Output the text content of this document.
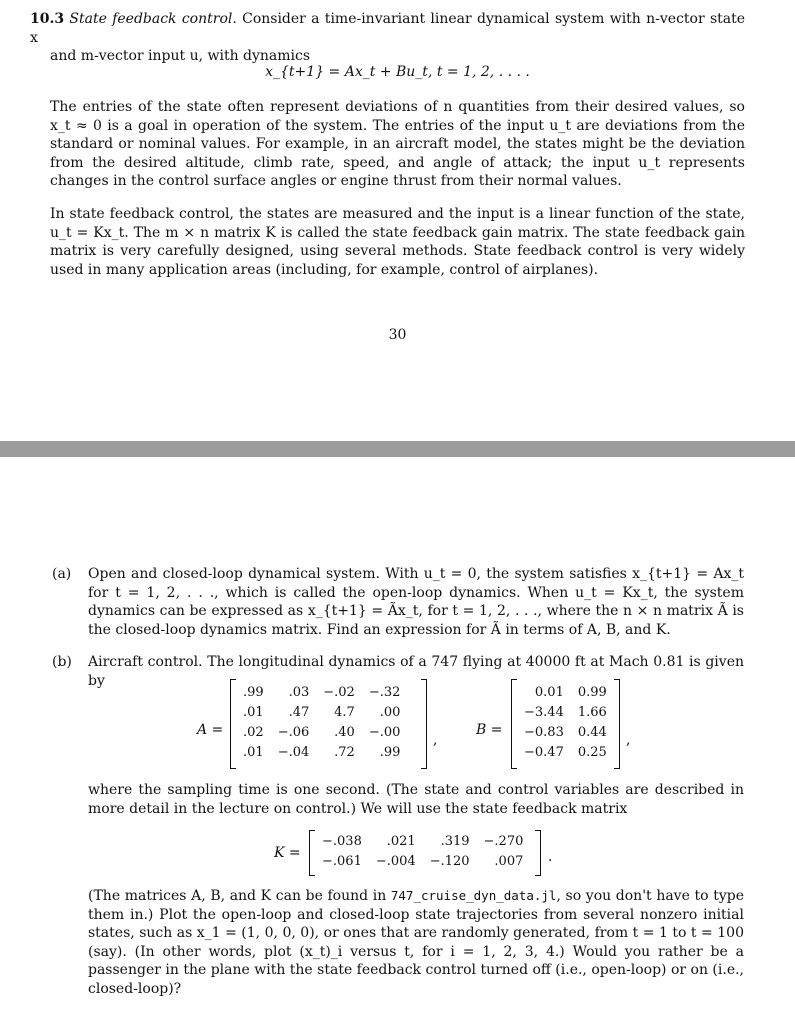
10.3 State feedback control. Consider a time-invariant linear dynamical system with n-vector state x
and m-vector input u, with dynamics
x_{t+1} = Ax_t + Bu_t, t = 1, 2, . . . .
The entries of the state often represent deviations of n quantities from their desired values, so x_t ≈ 0 is a goal in operation of the system. The entries of the input u_t are deviations from the standard or nominal values. For example, in an aircraft model, the states might be the deviation from the desired altitude, climb rate, speed, and angle of attack; the input u_t represents changes in the control surface angles or engine thrust from their normal values.
In state feedback control, the states are measured and the input is a linear function of the state, u_t = Kx_t. The m × n matrix K is called the state feedback gain matrix. The state feedback gain matrix is very carefully designed, using several methods. State feedback control is very widely used in many application areas (including, for example, control of airplanes).
30
(a) Open and closed-loop dynamical system. With u_t = 0, the system satisfies x_{t+1} = Ax_t for t = 1, 2, . . ., which is called the open-loop dynamics. When u_t = Kx_t, the system dynamics can be expressed as x_{t+1} = Ãx_t, for t = 1, 2, . . ., where the n × n matrix Ã is the closed-loop dynamics matrix. Find an expression for Ã in terms of A, B, and K.
(b) Aircraft control. The longitudinal dynamics of a 747 flying at 40000 ft at Mach 0.81 is given by
A =
.99	.03	−.02	−.32
.01	.47	4.7	.00
.02	−.06	.40	−.00
.01	−.04	.72	.99
,
B =
0.01	0.99
−3.44	1.66
−0.83	0.44
−0.47	0.25
,
where the sampling time is one second. (The state and control variables are described in more detail in the lecture on control.) We will use the state feedback matrix
K =
−.038	.021	.319	−.270
−.061	−.004	−.120	.007 .
(The matrices A, B, and K can be found in 747_cruise_dyn_data.jl, so you don't have to type them in.) Plot the open-loop and closed-loop state trajectories from several nonzero initial states, such as x_1 = (1, 0, 0, 0), or ones that are randomly generated, from t = 1 to t = 100 (say). (In other words, plot (x_t)_i versus t, for i = 1, 2, 3, 4.) Would you rather be a passenger in the plane with the state feedback control turned off (i.e., open-loop) or on (i.e., closed-loop)?
